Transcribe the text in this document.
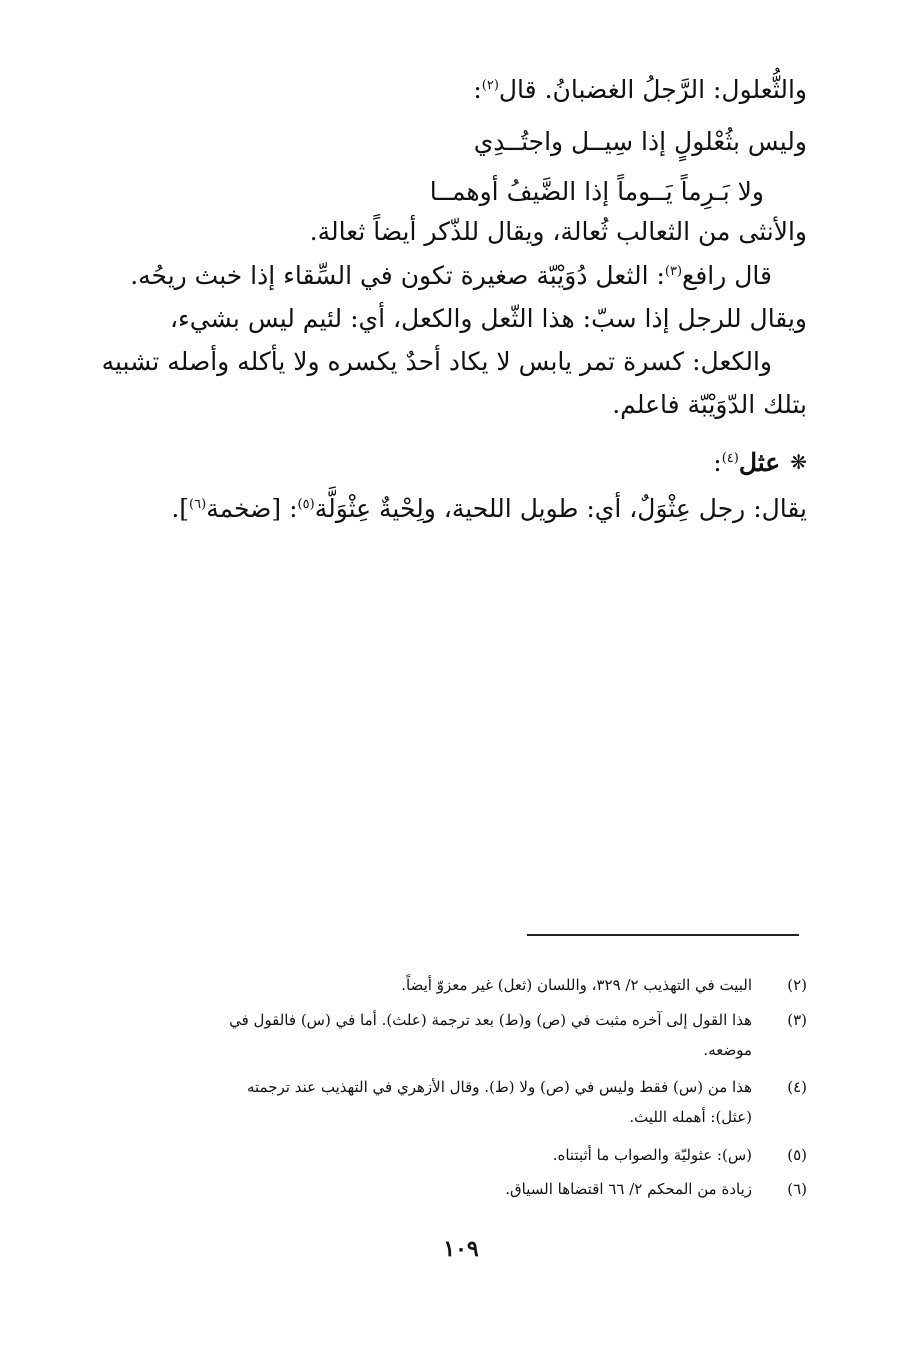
والثُّعلول: الرَّجلُ الغضبانُ. قال$^{(٢)}$:
وليس بثُعْلولٍ إذا سِيــل واجتُــدِي
ولا بَـرِماً يَــوماً إذا الضَّيفُ أوهمــا
والأنثى من الثعالب ثُعالة، ويقال للذّكر أيضاً ثعالة.
قال رافع$^{(٣)}$: الثعل دُوَيْبّة صغيرة تكون في السِّقاء إذا خبث ريحُه.
ويقال للرجل إذا سبّ: هذا الثّعل والكعل، أي: لئيم ليس بشيء،
والكعل: كسرة تمر يابس لا يكاد أحدٌ يكسره ولا يأكله وأصله تشبيه
بتلك الدّوَيْبّة فاعلم.
❋عثل$^{(٤)}$:
يقال: رجل عِثْوَلٌ، أي: طويل اللحية، ولِحْيةٌ عِثْوَلَّة$^{(٥)}$: [ضخمة$^{(٦)}$].
(٢)
البيت في التهذيب ٢/ ٣٢٩، واللسان (ثعل) غير معزوّ أيضاً.
(٣)
هذا القول إلى آخره مثبت في (ص) و(ط) بعد ترجمة (علث). أما في (س) فالقول في
موضعه.
(٤)
هذا من (س) فقط وليس في (ص) ولا (ط). وقال الأزهري في التهذيب عند ترجمته
(عثل): أهمله الليث.
(٥)
(س): عثوليّة والصواب ما أثبتناه.
(٦)
زيادة من المحكم ٢/ ٦٦ اقتضاها السياق.
١٠٩
